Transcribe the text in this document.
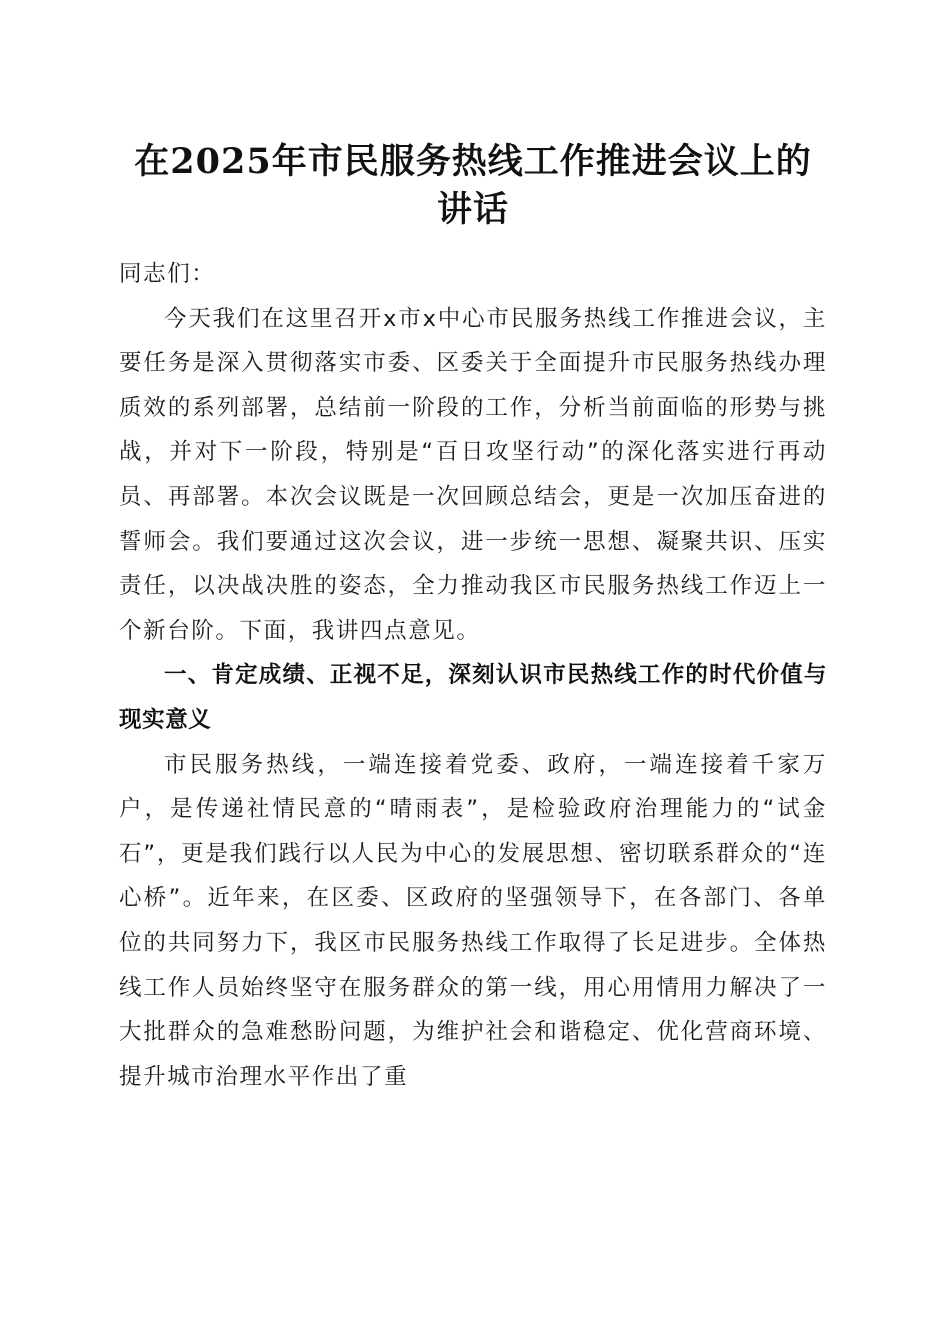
在2025年市民服务热线工作推进会议上的讲话

同志们：

今天我们在这里召开x市x中心市民服务热线工作推进会议，主要任务是深入贯彻落实市委、区委关于全面提升市民服务热线办理质效的系列部署，总结前一阶段的工作，分析当前面临的形势与挑战，并对下一阶段，特别是“百日攻坚行动”的深化落实进行再动员、再部署。本次会议既是一次回顾总结会，更是一次加压奋进的誓师会。我们要通过这次会议，进一步统一思想、凝聚共识、压实责任，以决战决胜的姿态，全力推动我区市民服务热线工作迈上一个新台阶。下面，我讲四点意见。

一、肯定成绩、正视不足，深刻认识市民热线工作的时代价值与现实意义

市民服务热线，一端连接着党委、政府，一端连接着千家万户，是传递社情民意的“晴雨表”，是检验政府治理能力的“试金石”，更是我们践行以人民为中心的发展思想、密切联系群众的“连心桥”。近年来，在区委、区政府的坚强领导下，在各部门、各单位的共同努力下，我区市民服务热线工作取得了长足进步。全体热线工作人员始终坚守在服务群众的第一线，用心用情用力解决了一大批群众的急难愁盼问题，为维护社会和谐稳定、优化营商环境、提升城市治理水平作出了重
